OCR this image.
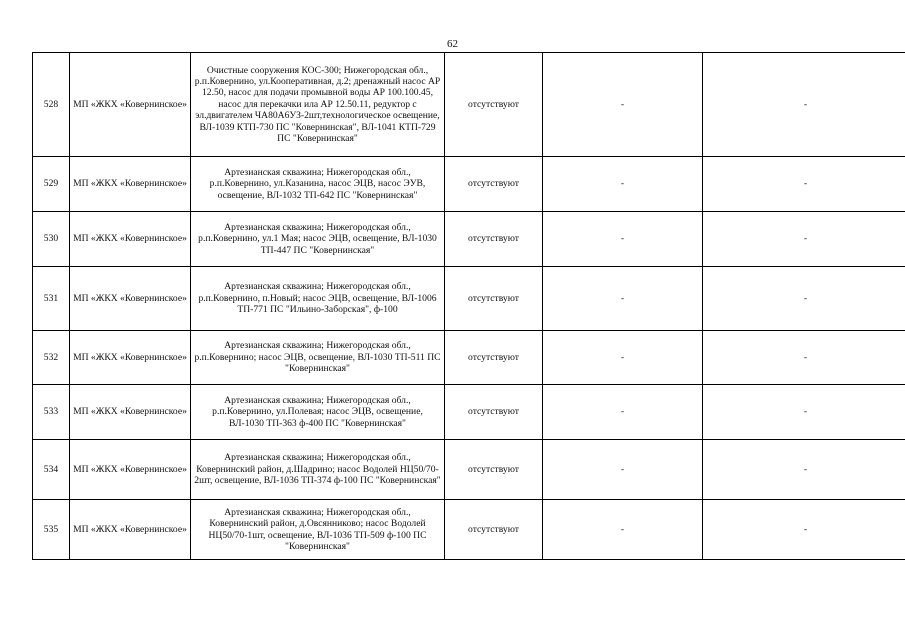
62
528	МП «ЖКХ «Ковернинское»	Очистные сооружения КОС-300; Нижегородская обл., р.п.Ковернино, ул.Кооперативная, д.2; дренажный насос АР 12.50, насос для подачи промывной воды АР 100.100.45, насос для перекачки ила АР 12.50.11, редуктор с эл.двигателем ЧА80А6УЗ-2шт,технологическое освещение, ВЛ-1039 КТП-730 ПС "Ковернинская", ВЛ-1041 КТП-729 ПС "Ковернинская"	отсутствуют	-	-
529	МП «ЖКХ «Ковернинское»	Артезианская скважина; Нижегородская обл., р.п.Ковернино, ул.Казанина, насос ЭЦВ, насос ЭУВ, освещение, ВЛ-1032 ТП-642 ПС "Ковернинская"	отсутствуют	-	-
530	МП «ЖКХ «Ковернинское»	Артезианская скважина; Нижегородская обл., р.п.Ковернино, ул.1 Мая; насос ЭЦВ, освещение, ВЛ-1030 ТП-447 ПС "Ковернинская"	отсутствуют	-	-
531	МП «ЖКХ «Ковернинское»	Артезианская скважина; Нижегородская обл., р.п.Ковернино, п.Новый; насос ЭЦВ, освещение, ВЛ-1006 ТП-771 ПС "Ильино-Заборская", ф-100	отсутствуют	-	-
532	МП «ЖКХ «Ковернинское»	Артезианская скважина; Нижегородская обл., р.п.Ковернино; насос ЭЦВ, освещение, ВЛ-1030 ТП-511 ПС "Ковернинская"	отсутствуют	-	-
533	МП «ЖКХ «Ковернинское»	Артезианская скважина; Нижегородская обл., р.п.Ковернино, ул.Полевая; насос ЭЦВ, освещение, ВЛ-1030 ТП-363 ф-400 ПС "Ковернинская"	отсутствуют	-	-
534	МП «ЖКХ «Ковернинское»	Артезианская скважина; Нижегородская обл., Ковернинский район, д.Шадрино; насос Водолей НЦ50/70-2шт, освещение, ВЛ-1036 ТП-374 ф-100 ПС "Ковернинская"	отсутствуют	-	-
535	МП «ЖКХ «Ковернинское»	Артезианская скважина; Нижегородская обл., Ковернинский район, д.Овсянниково; насос Водолей НЦ50/70-1шт, освещение, ВЛ-1036 ТП-509 ф-100 ПС "Ковернинская"	отсутствуют	-	-
